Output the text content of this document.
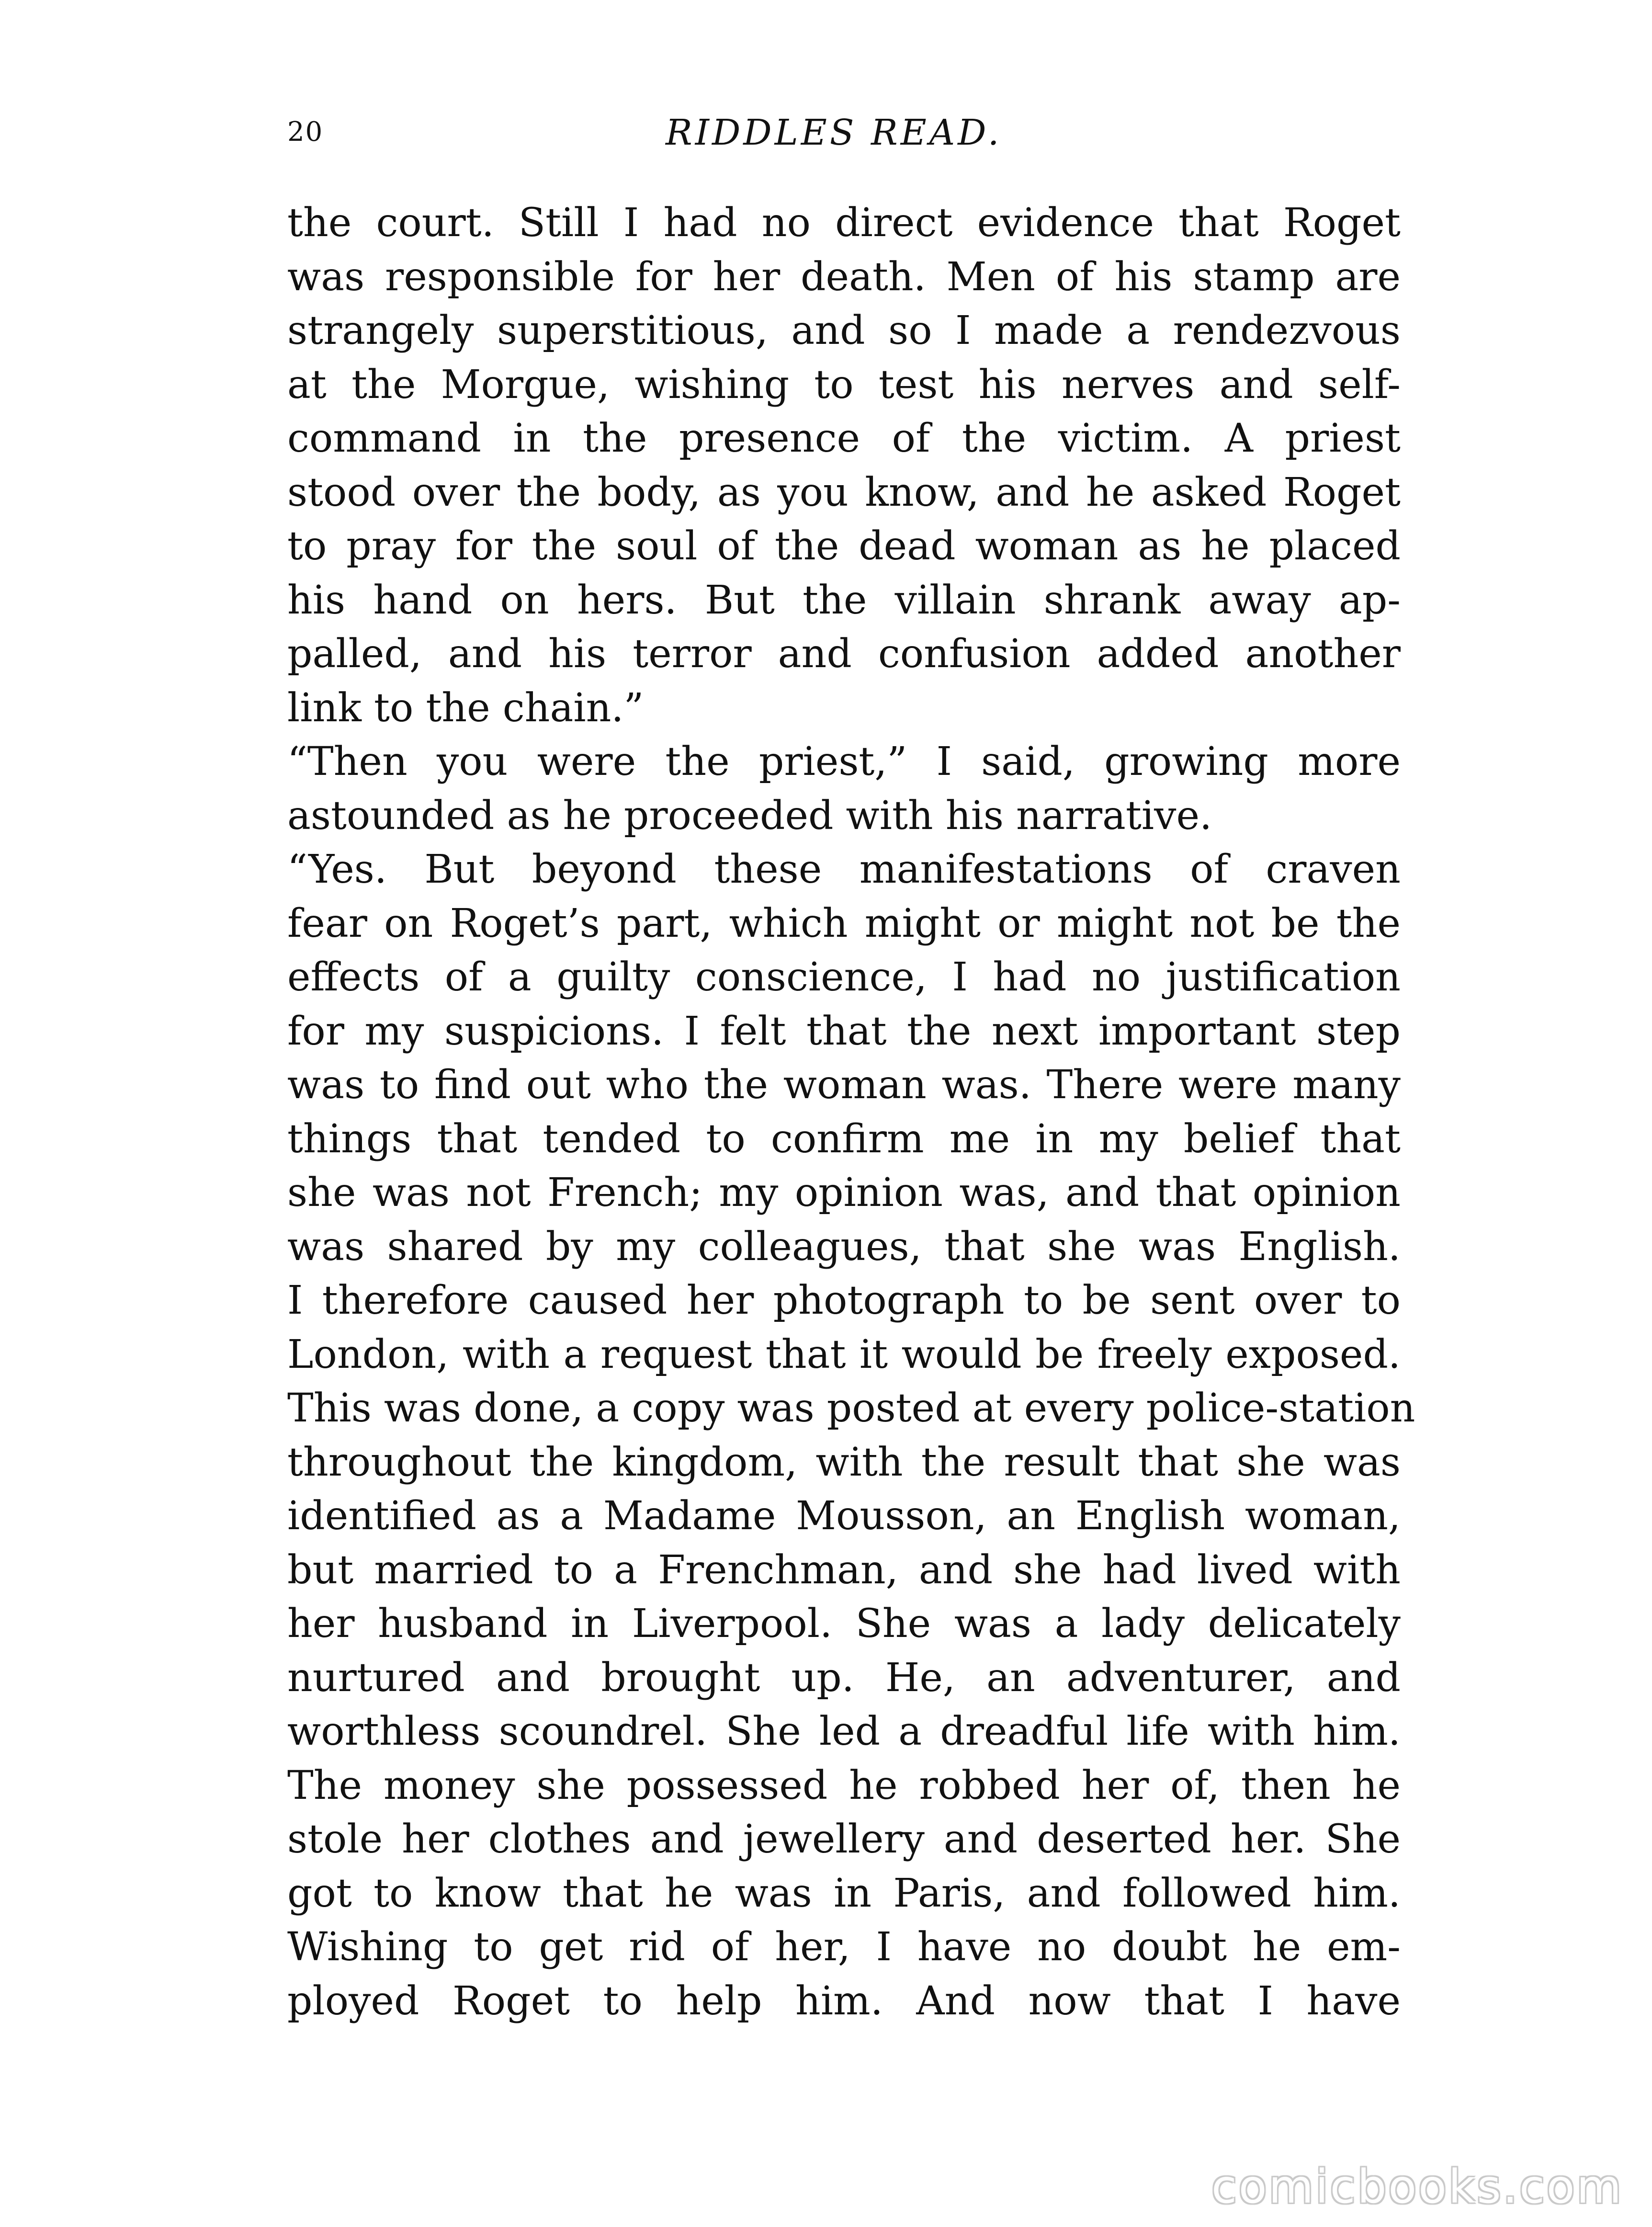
20	RIDDLES READ.
the court. Still I had no direct evidence that Roget
was responsible for her death. Men of his stamp are
strangely superstitious, and so I made a rendezvous
at the Morgue, wishing to test his nerves and self-
command in the presence of the victim. A priest
stood over the body, as you know, and he asked Roget
to pray for the soul of the dead woman as he placed
his hand on hers. But the villain shrank away ap-
palled, and his terror and confusion added another
link to the chain.”
“Then you were the priest,” I said, growing more
astounded as he proceeded with his narrative.
“Yes. But beyond these manifestations of craven
fear on Roget’s part, which might or might not be the
effects of a guilty conscience, I had no justification
for my suspicions. I felt that the next important step
was to find out who the woman was. There were many
things that tended to confirm me in my belief that
she was not French; my opinion was, and that opinion
was shared by my colleagues, that she was English.
I therefore caused her photograph to be sent over to
London, with a request that it would be freely exposed.
This was done, a copy was posted at every police-station
throughout the kingdom, with the result that she was
identified as a Madame Mousson, an English woman,
but married to a Frenchman, and she had lived with
her husband in Liverpool. She was a lady delicately
nurtured and brought up. He, an adventurer, and
worthless scoundrel. She led a dreadful life with him.
The money she possessed he robbed her of, then he
stole her clothes and jewellery and deserted her. She
got to know that he was in Paris, and followed him.
Wishing to get rid of her, I have no doubt he em-
ployed Roget to help him. And now that I have
comicbooks.com
